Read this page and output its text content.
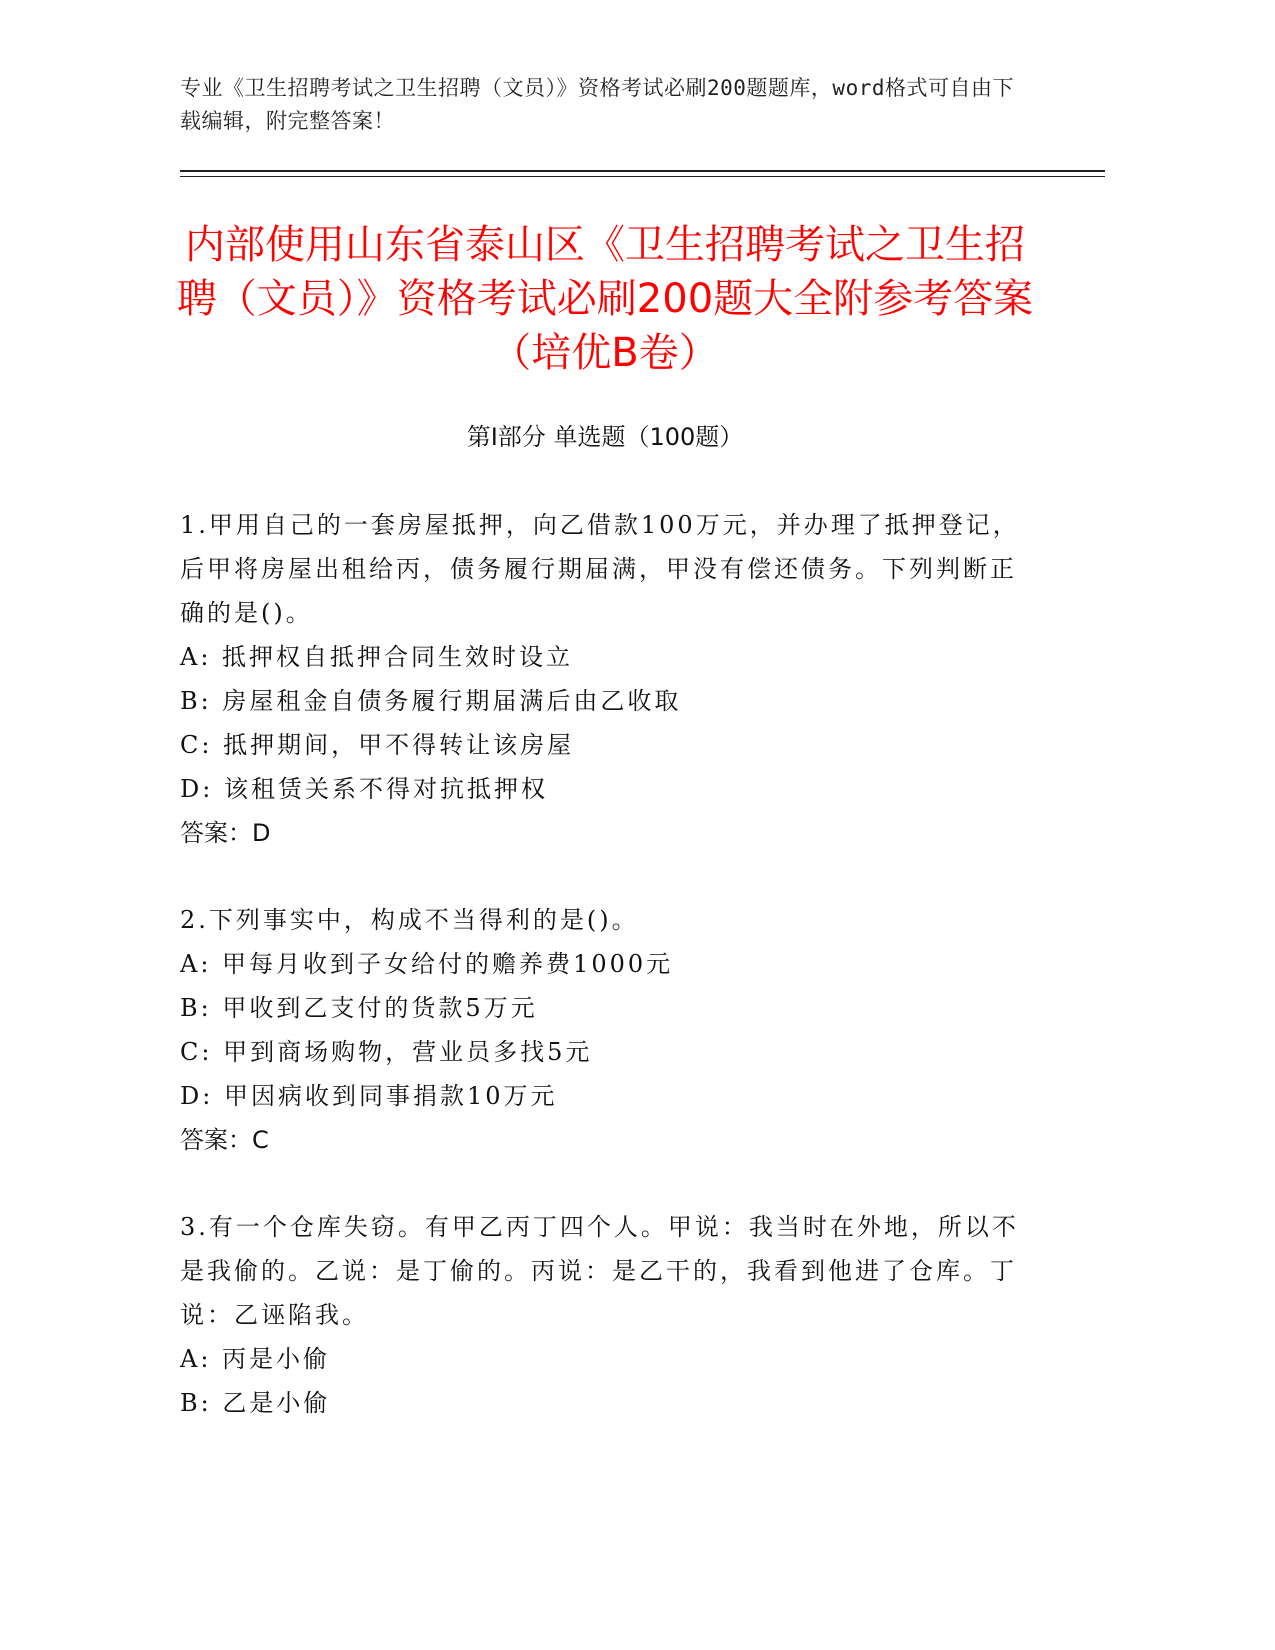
专业《卫生招聘考试之卫生招聘（文员）》资格考试必刷200题题库，word格式可自由下载编辑，附完整答案！
内部使用山东省泰山区《卫生招聘考试之卫生招聘（文员）》资格考试必刷200题大全附参考答案（培优B卷）
第Ⅰ部分 单选题（100题）
1.甲用自己的一套房屋抵押，向乙借款100万元，并办理了抵押登记，后甲将房屋出租给丙，债务履行期届满，甲没有偿还债务。下列判断正确的是()。
A: 抵押权自抵押合同生效时设立
B: 房屋租金自债务履行期届满后由乙收取
C: 抵押期间，甲不得转让该房屋
D: 该租赁关系不得对抗抵押权
答案：D
2.下列事实中，构成不当得利的是()。
A: 甲每月收到子女给付的赡养费1000元
B: 甲收到乙支付的货款5万元
C: 甲到商场购物，营业员多找5元
D: 甲因病收到同事捐款10万元
答案：C
3.有一个仓库失窃。有甲乙丙丁四个人。甲说：我当时在外地，所以不是我偷的。乙说：是丁偷的。丙说：是乙干的，我看到他进了仓库。丁说：乙诬陷我。
A: 丙是小偷
B: 乙是小偷
